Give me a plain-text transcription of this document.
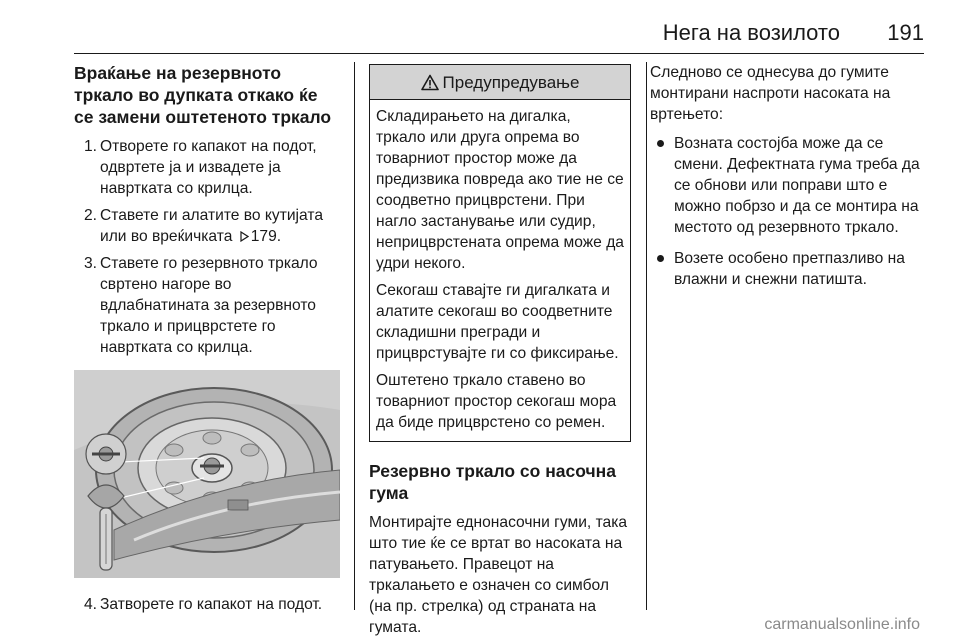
Нега на возилото 191
Враќање на резервното тркало во дупката откако ќе се замени оштетеното тркало
1. Отворете го капакот на подот, одвртете ја и извадете ја навртката со крилца.
2. Ставете ги алатите во кутијата или во вреќичката 179.
3. Ставете го резервното тркало свртено нагоре во вдлабнатината за резервното тркало и прицврстете го навртката со крилца.
4. Затворете го капакот на подот.
Предупредување

Складирањето на дигалка, тркало или друга опрема во товарниот простор може да предизвика повреда ако тие не се соодветно прицврстени. При нагло застанување или судир, неприцврстената опрема може да удри некого.

Секогаш ставајте ги дигалката и алатите секогаш во соодветните складишни прегради и прицврстувајте ги со фиксирање.

Оштетено тркало ставено во товарниот простор секогаш мора да биде прицврстено со ремен.

Резервно тркало со насочна гума

Монтирајте еднонасочни гуми, така што тие ќе се вртат во насоката на патувањето. Правецот на тркалањето е означен со симбол (на пр. стрелка) од страната на гумата.

Следново се однесува до гумите монтирани наспроти насоката на вртењето:

Возната состојба може да се смени. Дефектната гума треба да се обнови или поправи што е можно побрзо и да се монтира на местото од резервното тркало.
Возете особено претпазливо на влажни и снежни патишта.
carmanualsonline.info
